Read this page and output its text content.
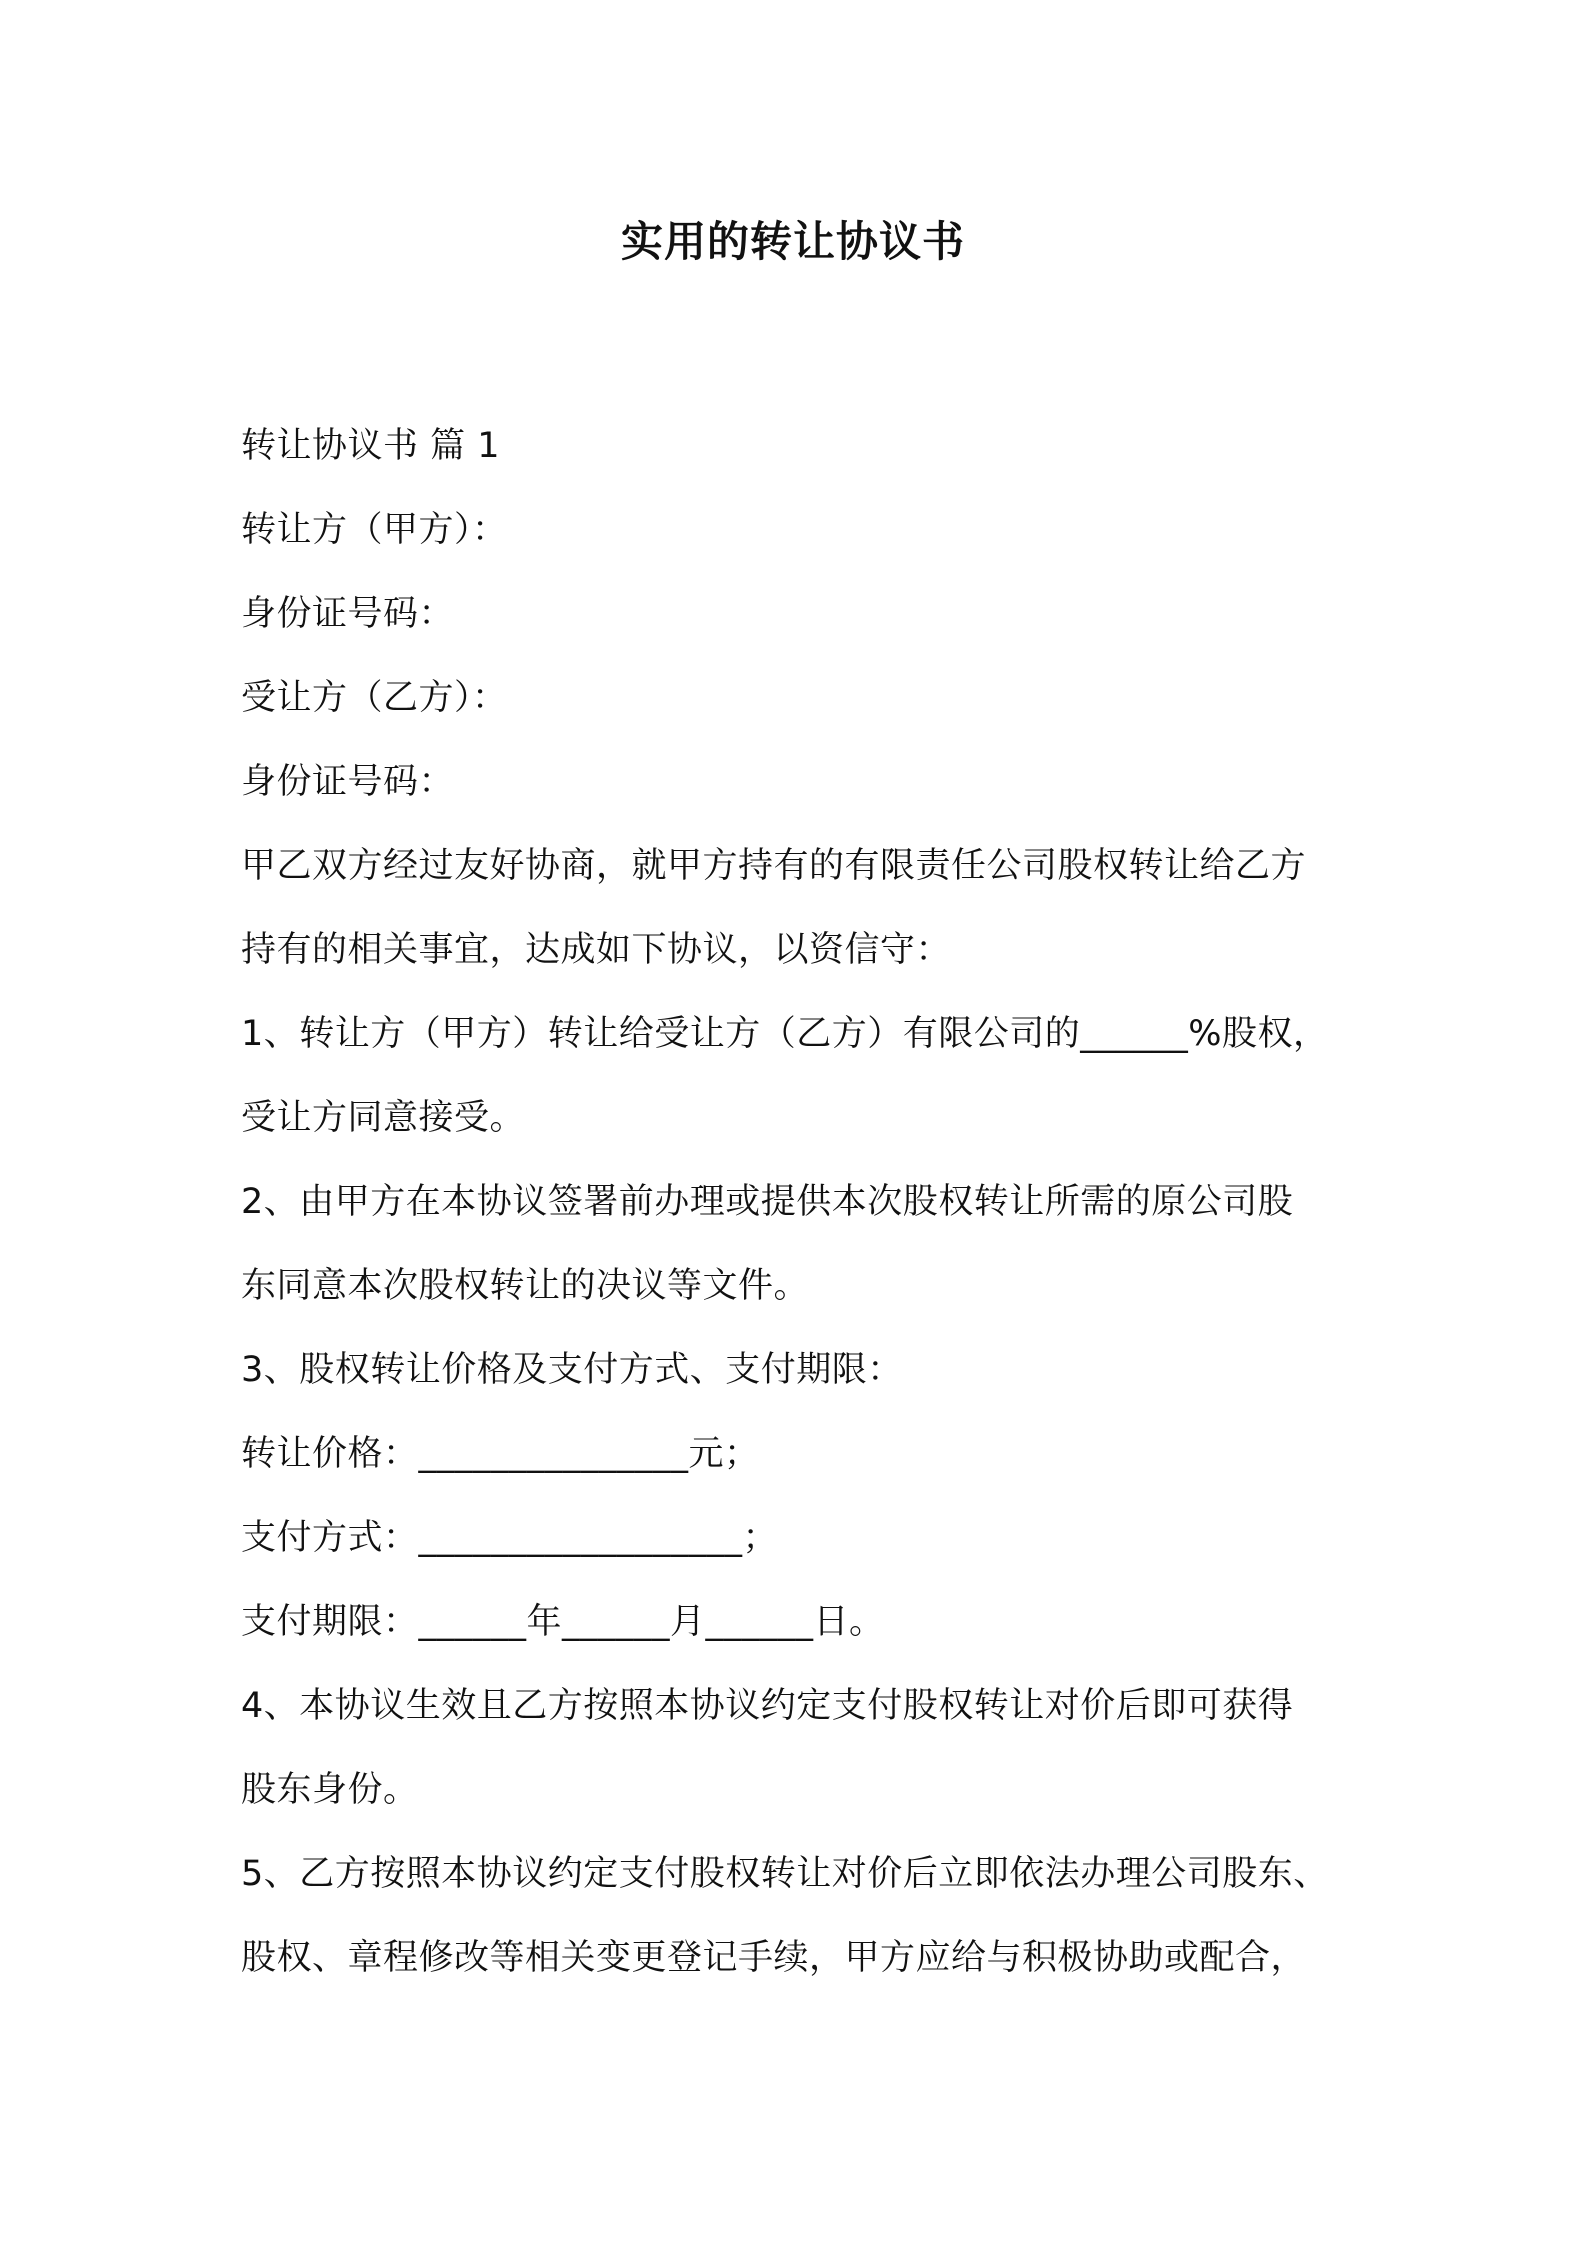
实用的转让协议书
转让协议书 篇 1
转让方（甲方）：
身份证号码：
受让方（乙方）：
身份证号码：
甲乙双方经过友好协商，就甲方持有的有限责任公司股权转让给乙方
持有的相关事宜，达成如下协议，以资信守：
1、转让方（甲方）转让给受让方（乙方）有限公司的______%股权，
受让方同意接受。
2、由甲方在本协议签署前办理或提供本次股权转让所需的原公司股
东同意本次股权转让的决议等文件。
3、股权转让价格及支付方式、支付期限：
转让价格：_______________元；
支付方式：__________________；
支付期限：______年______月______日。
4、本协议生效且乙方按照本协议约定支付股权转让对价后即可获得
股东身份。
5、乙方按照本协议约定支付股权转让对价后立即依法办理公司股东、
股权、章程修改等相关变更登记手续，甲方应给与积极协助或配合，
